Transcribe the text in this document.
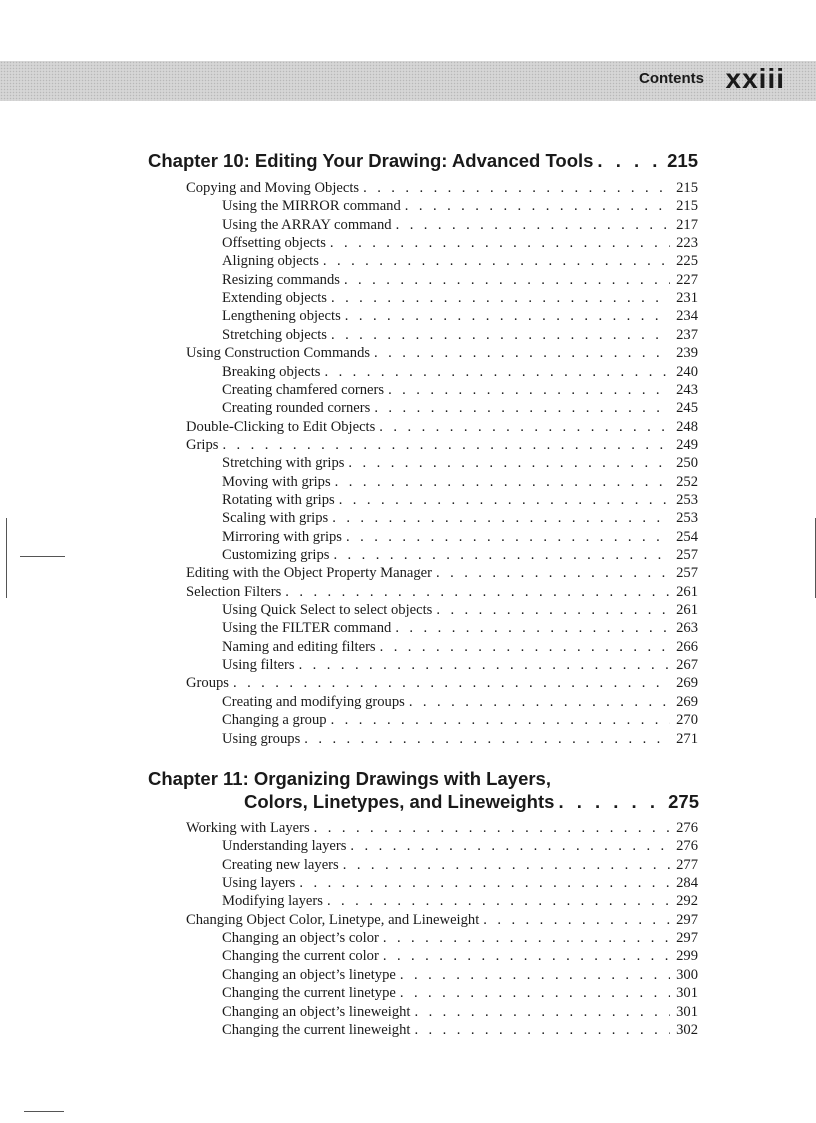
Contents xxiii
Chapter 10: Editing Your Drawing: Advanced Tools . . .	215
Copying and Moving Objects . . .	215
Using the MIRROR command . . .	215
Using the ARRAY command . . .	217
Offsetting objects . . .	223
Aligning objects . . .	225
Resizing commands . . .	227
Extending objects . . .	231
Lengthening objects . . .	234
Stretching objects . . .	237
Using Construction Commands . . .	239
Breaking objects . . .	240
Creating chamfered corners . . .	243
Creating rounded corners . . .	245
Double-Clicking to Edit Objects . . .	248
Grips . . .	249
Stretching with grips . . .	250
Moving with grips . . .	252
Rotating with grips . . .	253
Scaling with grips . . .	253
Mirroring with grips . . .	254
Customizing grips . . .	257
Editing with the Object Property Manager . . .	257
Selection Filters . . .	261
Using Quick Select to select objects . . .	261
Using the FILTER command . . .	263
Naming and editing filters . . .	266
Using filters . . .	267
Groups . . .	269
Creating and modifying groups . . .	269
Changing a group . . .	270
Using groups . . .	271
Chapter 11: Organizing Drawings with Layers,
Colors, Linetypes, and Lineweights . . .	275
Working with Layers . . .	276
Understanding layers . . .	276
Creating new layers . . .	277
Using layers . . .	284
Modifying layers . . .	292
Changing Object Color, Linetype, and Lineweight . . .	297
Changing an object’s color . . .	297
Changing the current color . . .	299
Changing an object’s linetype . . .	300
Changing the current linetype . . .	301
Changing an object’s lineweight . . .	301
Changing the current lineweight . . .	302
